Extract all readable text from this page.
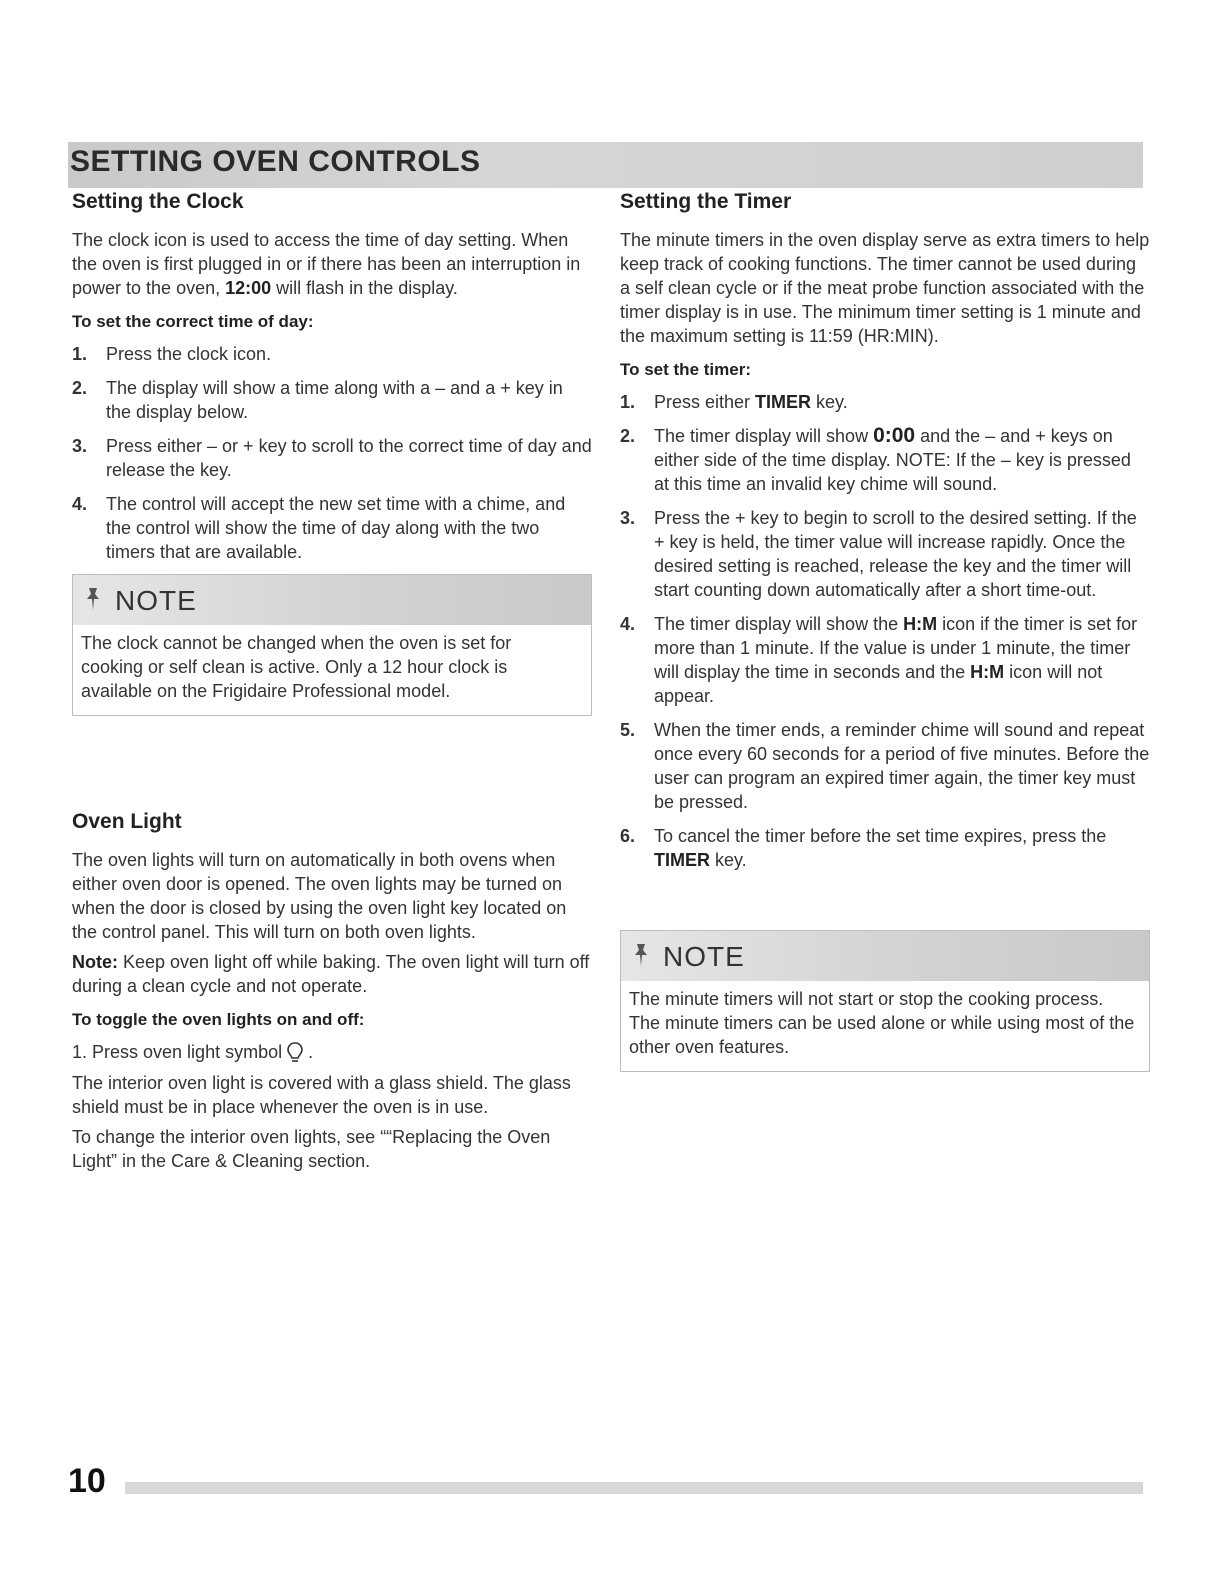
SETTING OVEN CONTROLS
Setting the Clock

The clock icon is used to access the time of day setting. When the oven is first plugged in or if there has been an interruption in power to the oven, 12:00 will flash in the display.

To set the correct time of day:
1. Press the clock icon.
2. The display will show a time along with a – and a + key in the display below.
3. Press either – or + key to scroll to the correct time of day and release the key.
4. The control will accept the new set time with a chime, and the control will show the time of day along with the two timers that are available.
NOTE
The clock cannot be changed when the oven is set for cooking or self clean is active. Only a 12 hour clock is available on the Frigidaire Professional model.
Oven Light

The oven lights will turn on automatically in both ovens when either oven door is opened. The oven lights may be turned on when the door is closed by using the oven light key located on the control panel. This will turn on both oven lights.

Note: Keep oven light off while baking. The oven light will turn off during a clean cycle and not operate.

To toggle the oven lights on and off:

1. Press oven light symbol .

The interior oven light is covered with a glass shield. The glass shield must be in place whenever the oven is in use.

To change the interior oven lights, see ““Replacing the Oven Light” in the Care & Cleaning section.

Setting the Timer

The minute timers in the oven display serve as extra timers to help keep track of cooking functions. The timer cannot be used during a self clean cycle or if the meat probe function associated with the timer display is in use. The minimum timer setting is 1 minute and the maximum setting is 11:59 (HR:MIN).

To set the timer:
1. Press either TIMER key.
2. The timer display will show 0:00 and the – and + keys on either side of the time display. NOTE: If the – key is pressed at this time an invalid key chime will sound.
3. Press the + key to begin to scroll to the desired setting. If the + key is held, the timer value will increase rapidly. Once the desired setting is reached, release the key and the timer will start counting down automatically after a short time-out.
4. The timer display will show the H:M icon if the timer is set for more than 1 minute. If the value is under 1 minute, the timer will display the time in seconds and the H:M icon will not appear.
5. When the timer ends, a reminder chime will sound and repeat once every 60 seconds for a period of five minutes. Before the user can program an expired timer again, the timer key must be pressed.
6. To cancel the timer before the set time expires, press the TIMER key.
NOTE
The minute timers will not start or stop the cooking process. The minute timers can be used alone or while using most of the other oven features.
10
